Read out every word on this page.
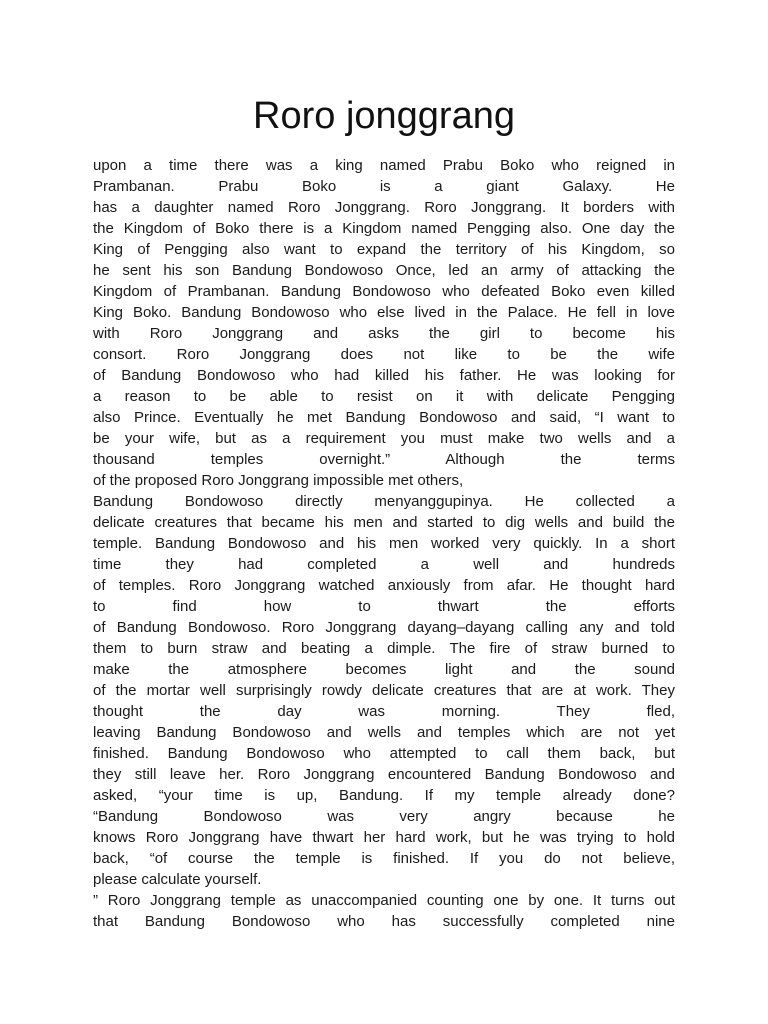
Roro jonggrang
upon a time there was a king named Prabu Boko who reigned in
Prambanan. Prabu Boko is a giant Galaxy. He
has a daughter named Roro Jonggrang. Roro Jonggrang. It borders with
the Kingdom of Boko there is a Kingdom named Pengging also. One day the
King of Pengging also want to expand the territory of his Kingdom, so
he sent his son Bandung Bondowoso Once, led an army of attacking the
Kingdom of Prambanan. Bandung Bondowoso who defeated Boko even killed
King Boko. Bandung Bondowoso who else lived in the Palace. He fell in love
with Roro Jonggrang and asks the girl to become his
consort. Roro Jonggrang does not like to be the wife
of Bandung Bondowoso who had killed his father. He was looking for
a reason to be able to resist on it with delicate Pengging
also Prince. Eventually he met Bandung Bondowoso and said, “I want to
be your wife, but as a requirement you must make two wells and a
thousand temples overnight.” Although the terms
of the proposed Roro Jonggrang impossible met others,
Bandung Bondowoso directly menyanggupinya. He collected a
delicate creatures that became his men and started to dig wells and build the
temple. Bandung Bondowoso and his men worked very quickly. In a short
time they had completed a well and hundreds
of temples. Roro Jonggrang watched anxiously from afar. He thought hard
to find how to thwart the efforts
of Bandung Bondowoso. Roro Jonggrang dayang–dayang calling any and told
them to burn straw and beating a dimple. The fire of straw burned to
make the atmosphere becomes light and the sound
of the mortar well surprisingly rowdy delicate creatures that are at work. They
thought the day was morning. They fled,
leaving Bandung Bondowoso and wells and temples which are not yet
finished. Bandung Bondowoso who attempted to call them back, but
they still leave her. Roro Jonggrang encountered Bandung Bondowoso and
asked, “your time is up, Bandung. If my temple already done?
“Bandung Bondowoso was very angry because he
knows Roro Jonggrang have thwart her hard work, but he was trying to hold
back, “of course the temple is finished. If you do not believe,
please calculate yourself.
” Roro Jonggrang temple as unaccompanied counting one by one. It turns out
that Bandung Bondowoso who has successfully completed nine
